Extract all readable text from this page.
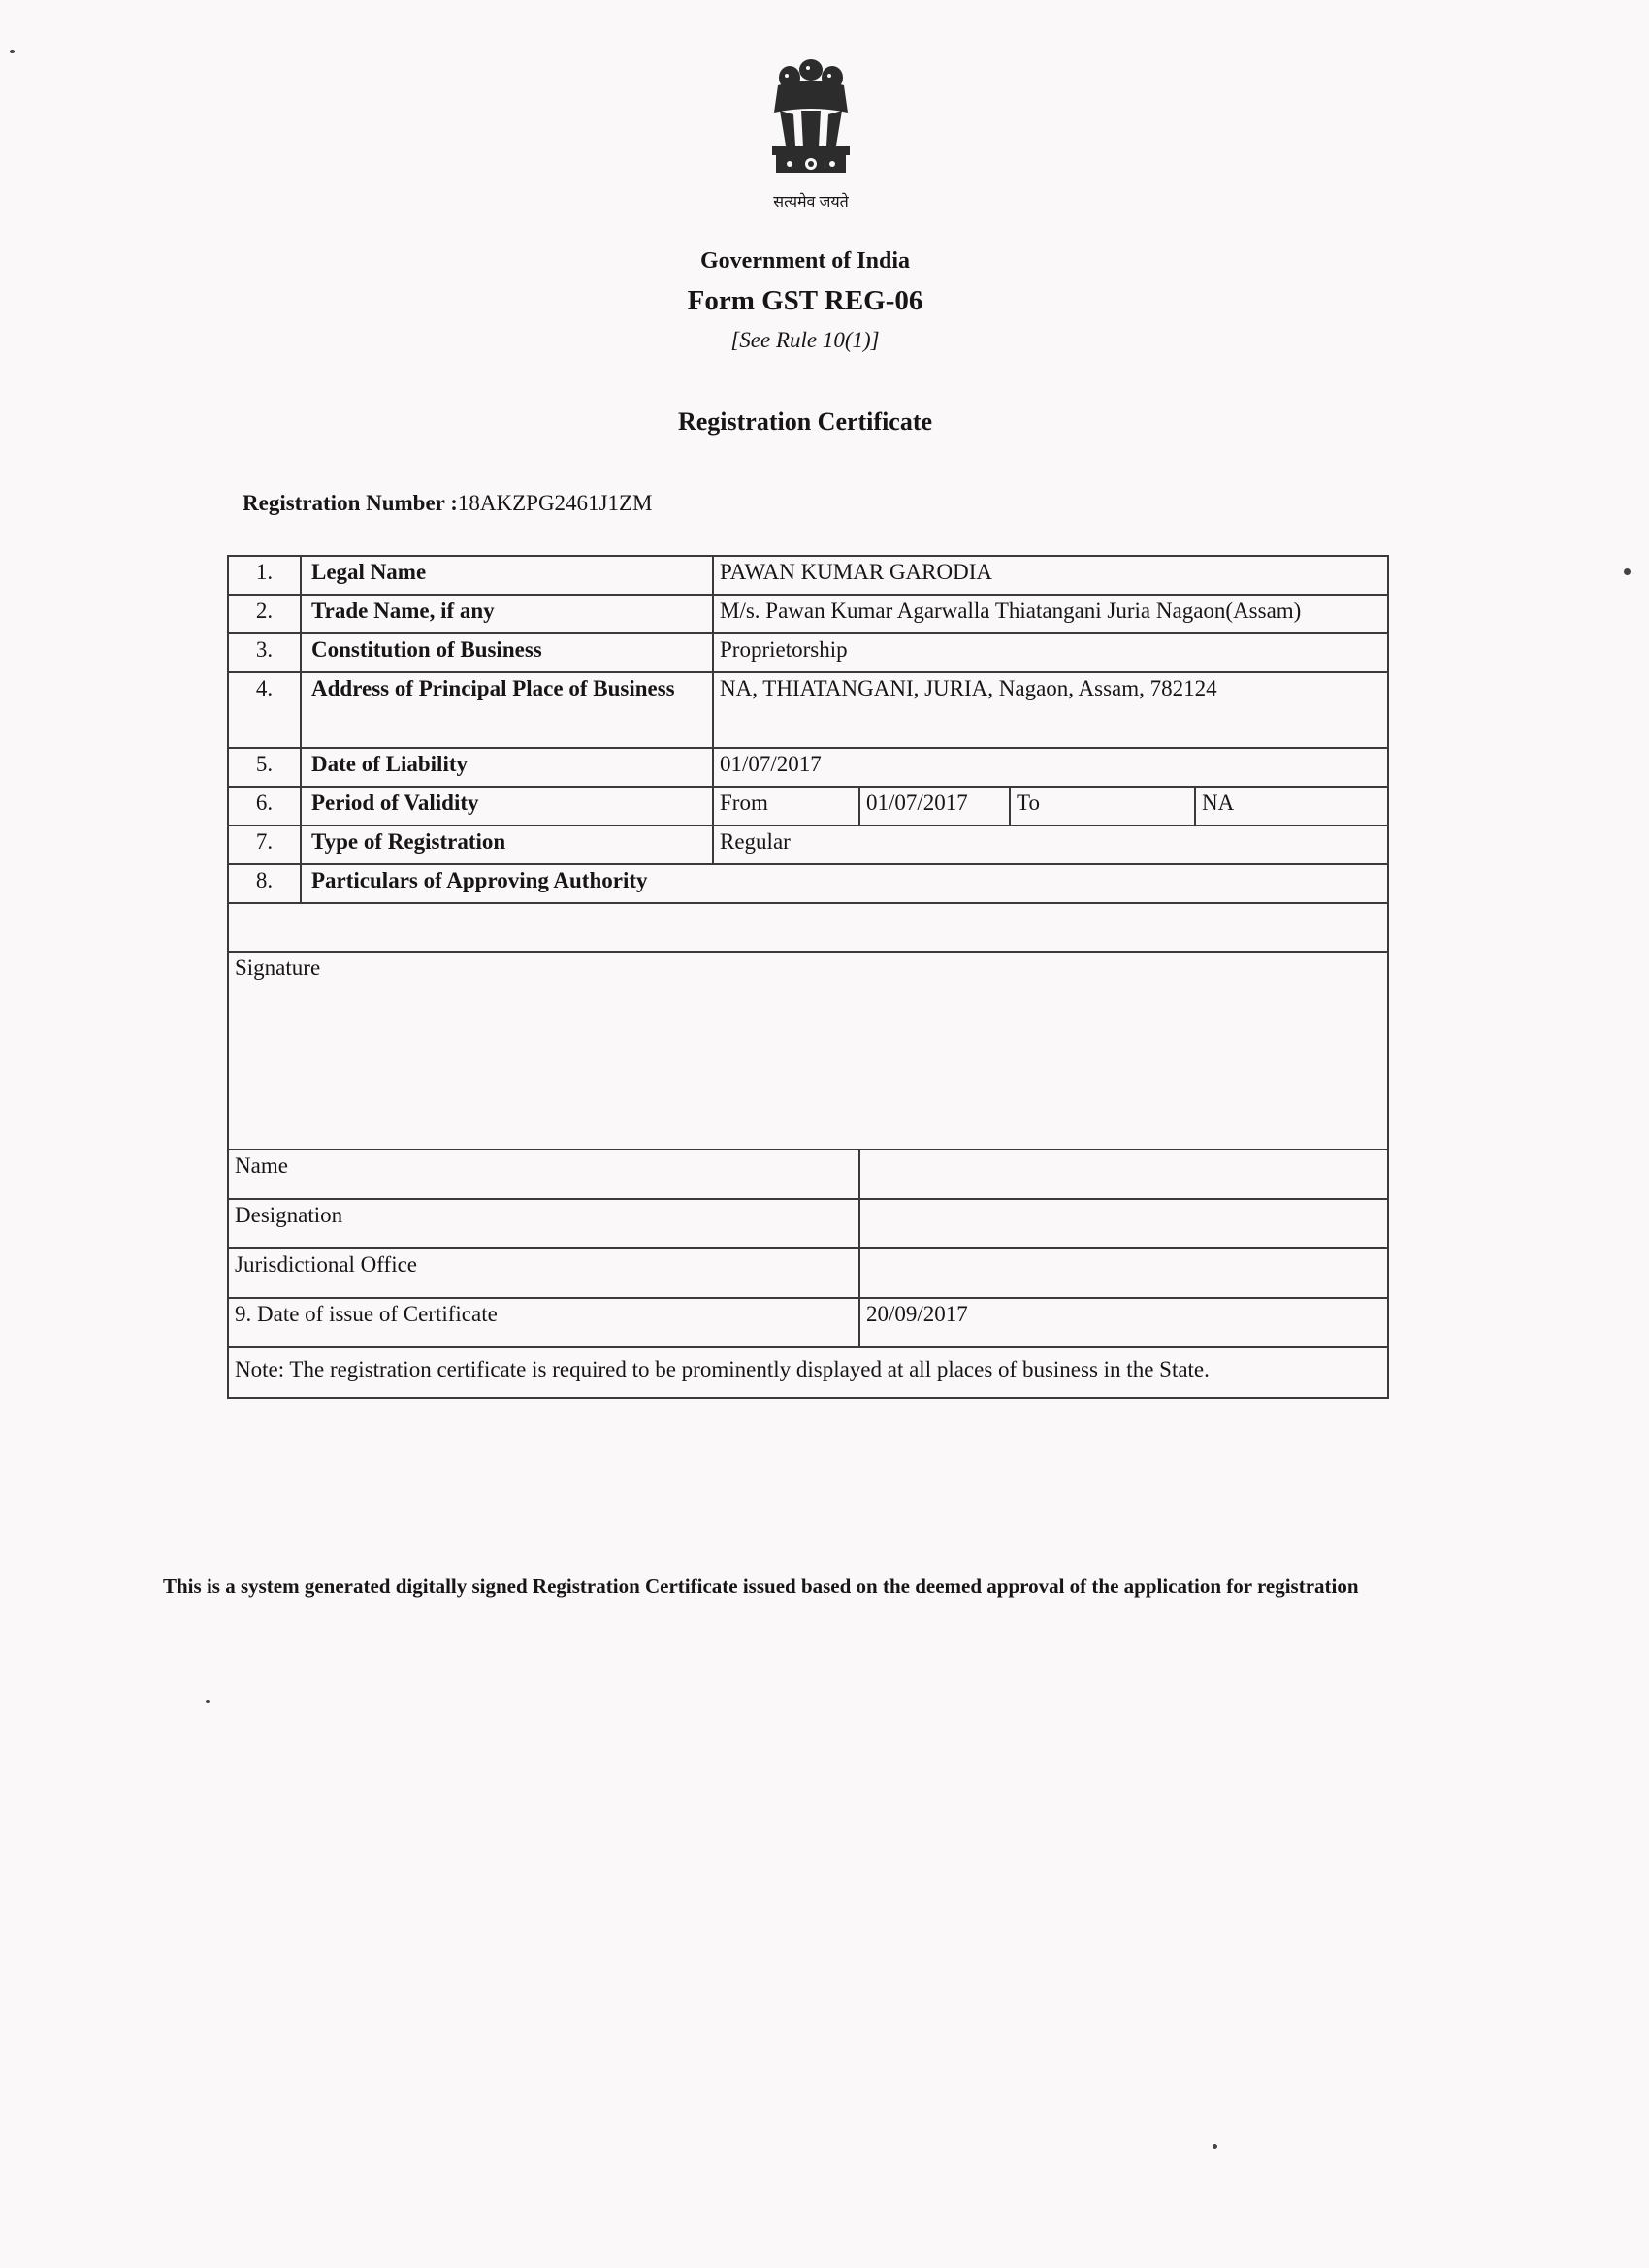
सत्यमेव जयते
Government of India
Form GST REG-06
[See Rule 10(1)]
Registration Certificate
Registration Number :18AKZPG2461J1ZM
1.	Legal Name	PAWAN KUMAR GARODIA			
2.	Trade Name, if any	M/s. Pawan Kumar Agarwalla Thiatangani Juria Nagaon(Assam)			
3.	Constitution of Business	Proprietorship			
4.	Address of Principal Place of Business	NA, THIATANGANI, JURIA, Nagaon, Assam, 782124			
5.	Date of Liability	01/07/2017			
6.	Period of Validity	From	01/07/2017	To	NA
7.	Type of Registration	Regular			
8.	Particulars of Approving Authority				

Signature					
Name					
Designation					
Jurisdictional Office					
9. Date of issue of Certificate			20/09/2017		
Note: The registration certificate is required to be prominently displayed at all places of business in the State.					
This is a system generated digitally signed Registration Certificate issued based on the deemed approval of the application for registration
